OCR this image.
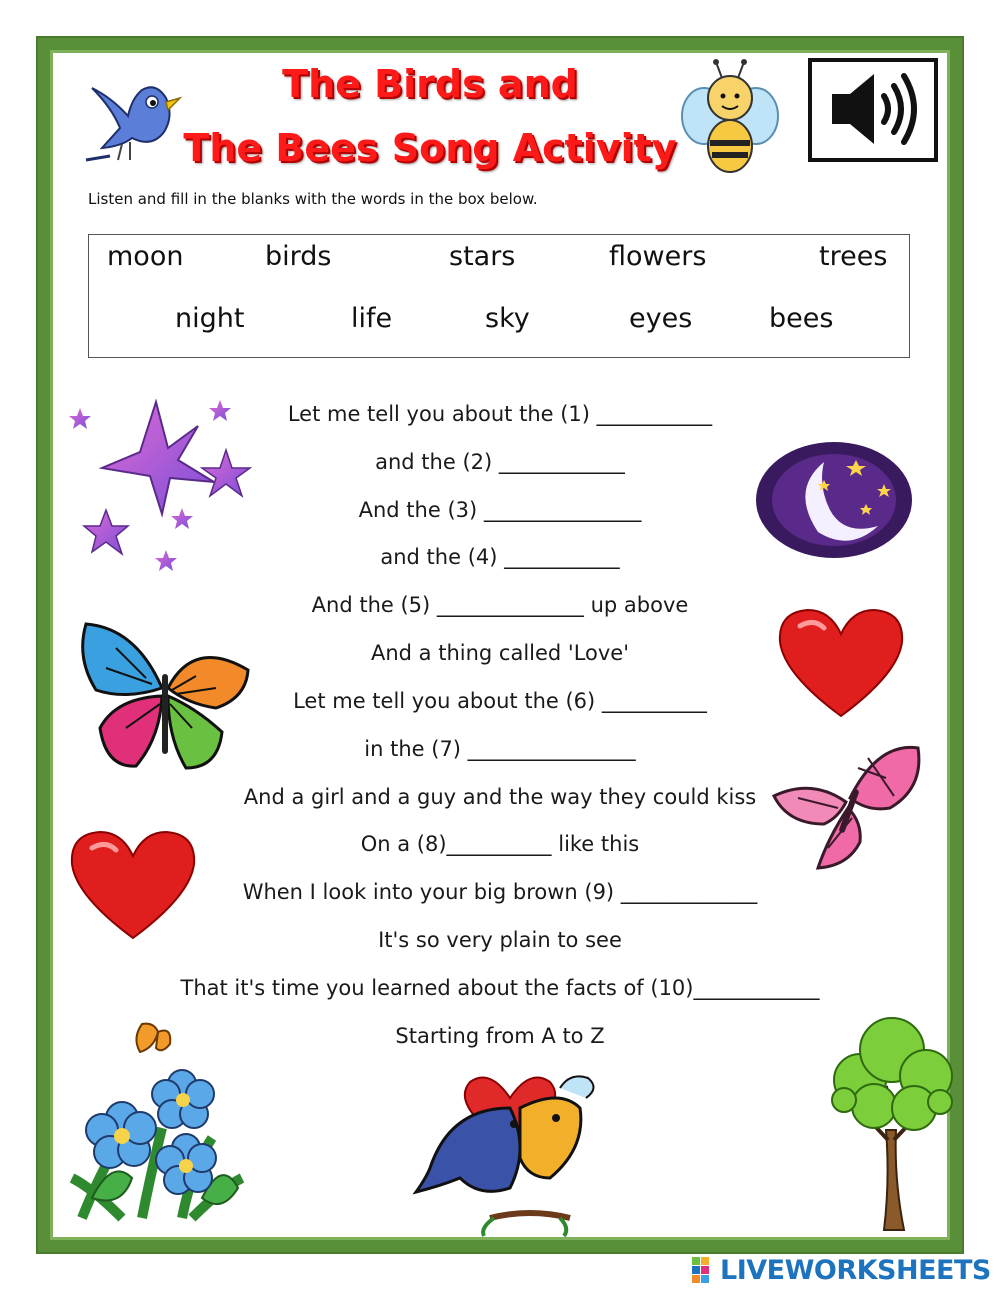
The Birds and
The Bees Song Activity
Listen and fill in the blanks with the words in the box below.
moon	birds	stars	flowers	trees
night	life	sky	eyes	bees
Let me tell you about the (1) ___________
and the (2) ____________
And the (3) _______________
and the (4) ___________
And the (5) ______________ up above
And a thing called 'Love'
Let me tell you about the (6) __________
in the (7) ________________
And a girl and a guy and the way they could kiss
On a (8)__________ like this
When I look into your big brown (9) _____________
It's so very plain to see
That it's time you learned about the facts of (10)____________
Starting from A to Z
LIVEWORKSHEETS
